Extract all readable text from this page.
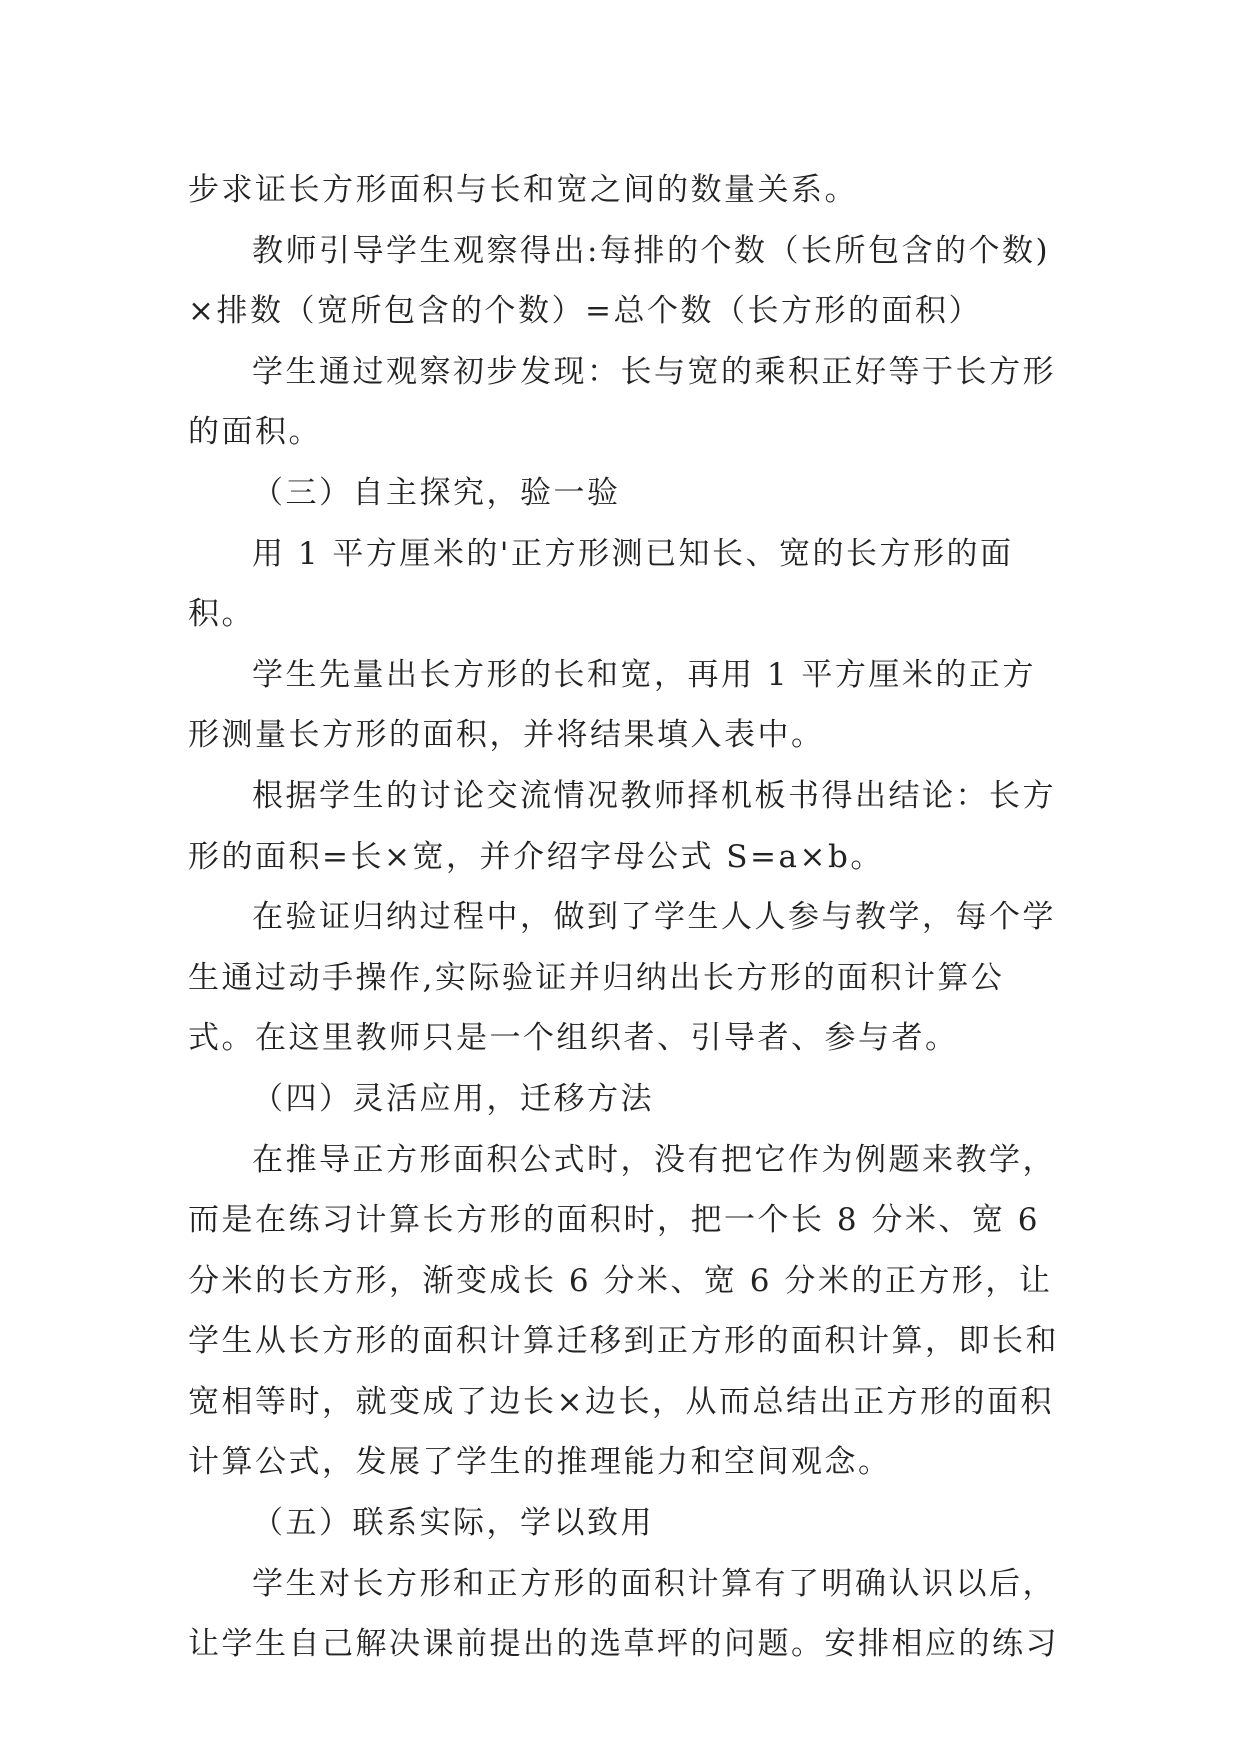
步求证长方形面积与长和宽之间的数量关系。

教师引导学生观察得出:每排的个数（长所包含的个数)×排数（宽所包含的个数）=总个数（长方形的面积）

学生通过观察初步发现：长与宽的乘积正好等于长方形的面积。

（三）自主探究，验一验

用 1 平方厘米的'正方形测已知长、宽的长方形的面积。

学生先量出长方形的长和宽，再用 1 平方厘米的正方形测量长方形的面积，并将结果填入表中。

根据学生的讨论交流情况教师择机板书得出结论：长方形的面积=长×宽，并介绍字母公式 S=a×b。

在验证归纳过程中，做到了学生人人参与教学，每个学生通过动手操作,实际验证并归纳出长方形的面积计算公式。在这里教师只是一个组织者、引导者、参与者。

（四）灵活应用，迁移方法

在推导正方形面积公式时，没有把它作为例题来教学，而是在练习计算长方形的面积时，把一个长 8 分米、宽 6 分米的长方形，渐变成长 6 分米、宽 6 分米的正方形，让学生从长方形的面积计算迁移到正方形的面积计算，即长和宽相等时，就变成了边长×边长，从而总结出正方形的面积计算公式，发展了学生的推理能力和空间观念。

（五）联系实际，学以致用

学生对长方形和正方形的面积计算有了明确认识以后，让学生自己解决课前提出的选草坪的问题。安排相应的练习
